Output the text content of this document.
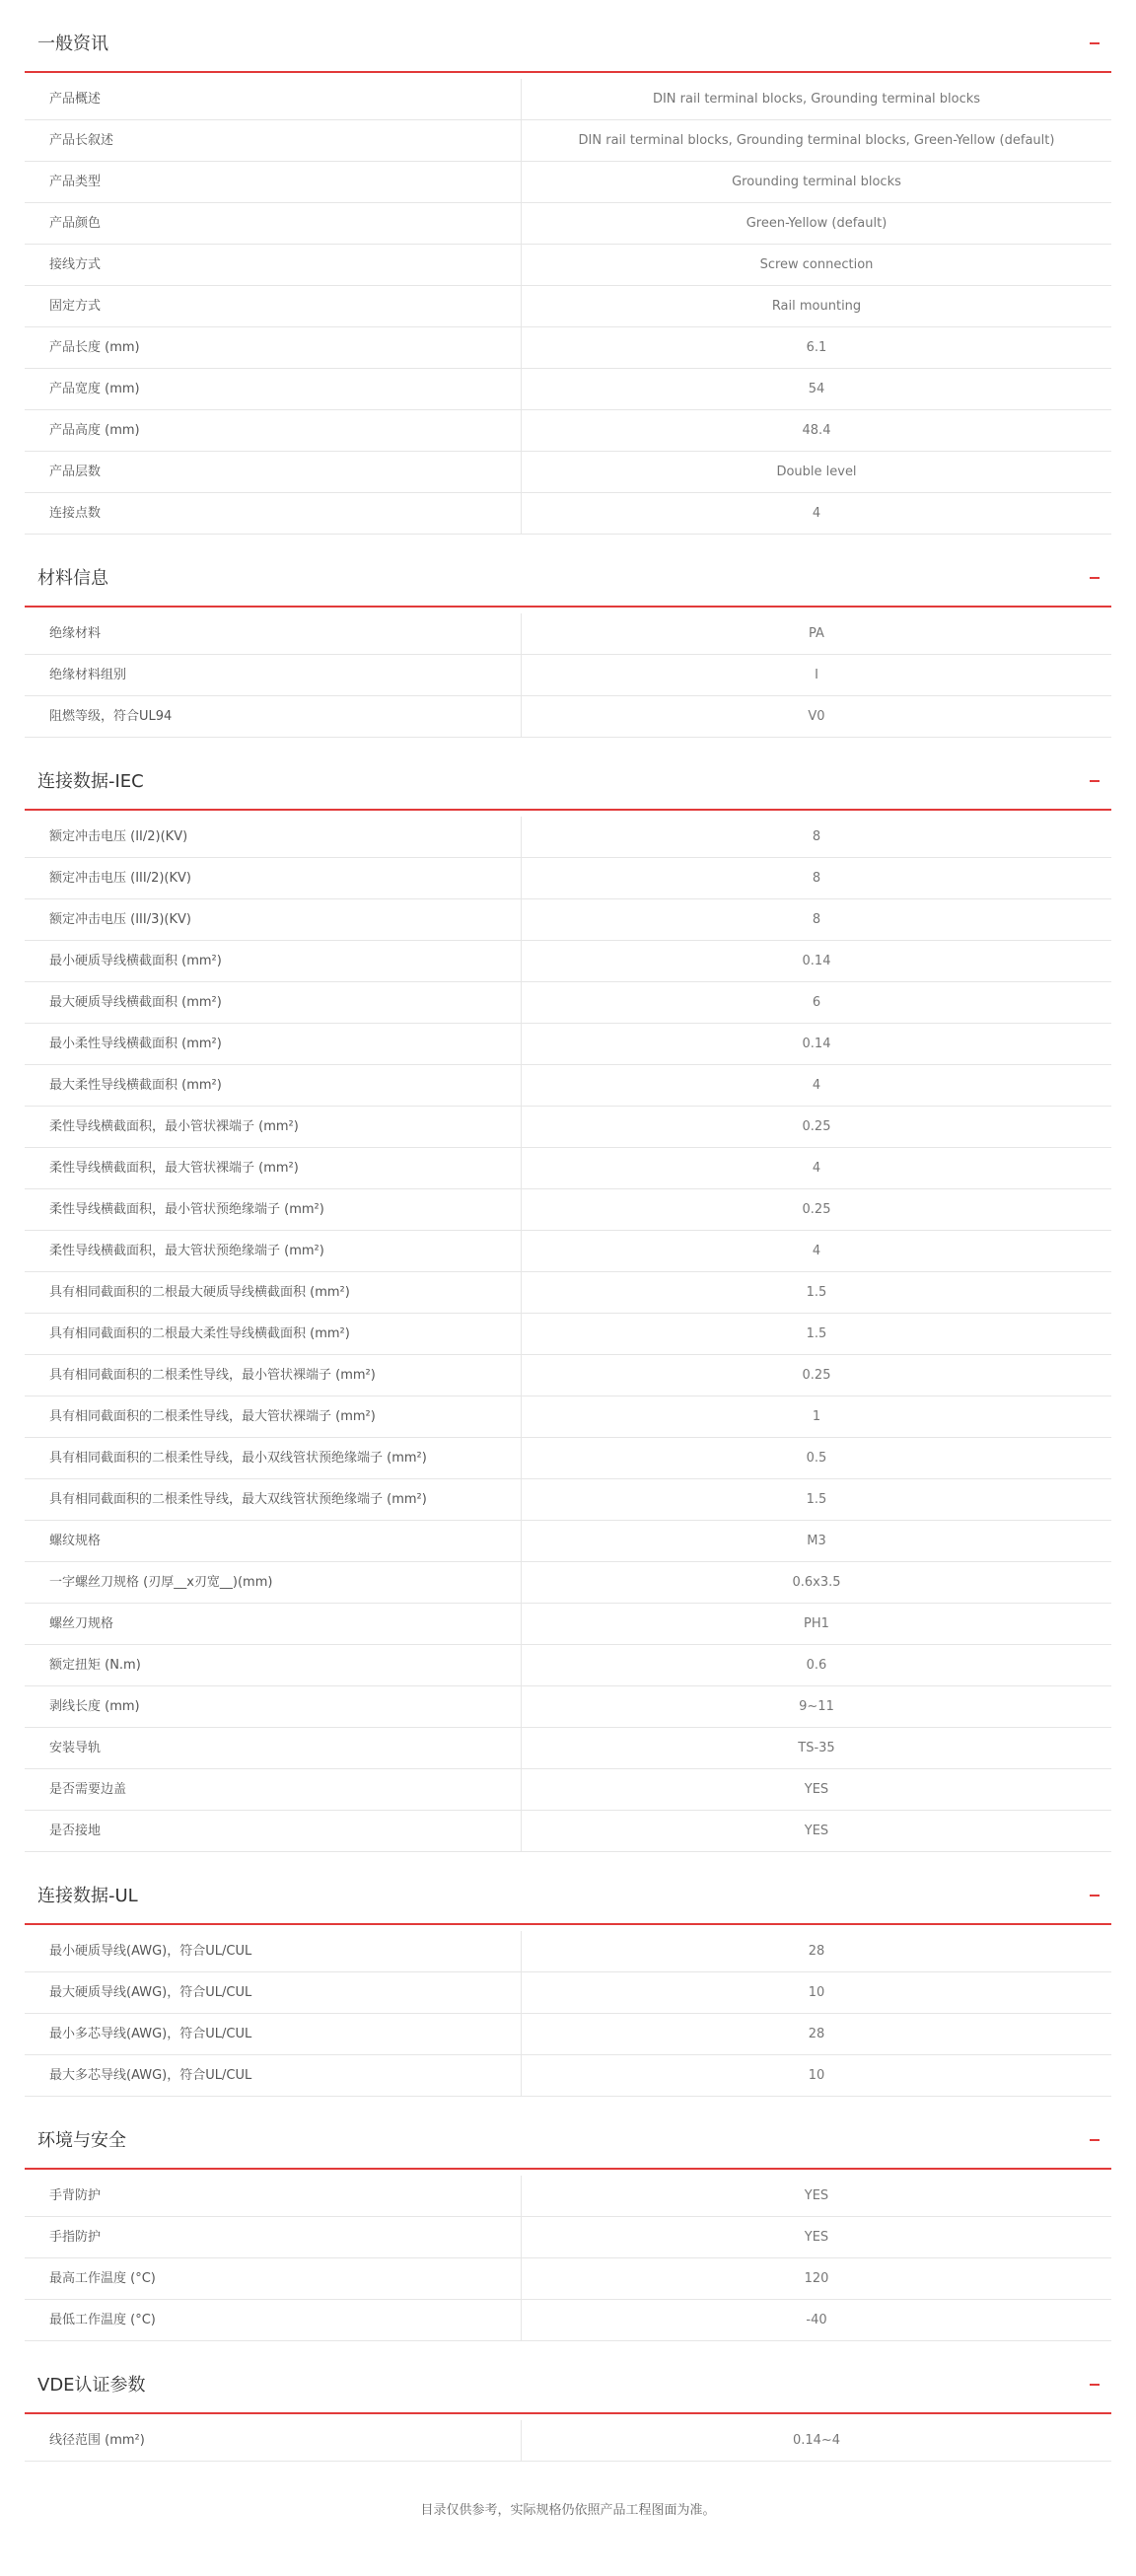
一般资讯
产品概述	DIN rail terminal blocks, Grounding terminal blocks
产品长叙述	DIN rail terminal blocks, Grounding terminal blocks, Green-Yellow (default)
产品类型	Grounding terminal blocks
产品颜色	Green-Yellow (default)
接线方式	Screw connection
固定方式	Rail mounting
产品长度 (mm)	6.1
产品宽度 (mm)	54
产品高度 (mm)	48.4
产品层数	Double level
连接点数	4
材料信息
绝缘材料	PA
绝缘材料组别	I
阻燃等级，符合UL94	V0
连接数据-IEC
额定冲击电压 (II/2)(KV)	8
额定冲击电压 (III/2)(KV)	8
额定冲击电压 (III/3)(KV)	8
最小硬质导线横截面积 (mm²)	0.14
最大硬质导线横截面积 (mm²)	6
最小柔性导线横截面积 (mm²)	0.14
最大柔性导线横截面积 (mm²)	4
柔性导线横截面积，最小管状裸端子 (mm²)	0.25
柔性导线横截面积，最大管状裸端子 (mm²)	4
柔性导线横截面积，最小管状预绝缘端子 (mm²)	0.25
柔性导线横截面积，最大管状预绝缘端子 (mm²)	4
具有相同截面积的二根最大硬质导线横截面积 (mm²)	1.5
具有相同截面积的二根最大柔性导线横截面积 (mm²)	1.5
具有相同截面积的二根柔性导线，最小管状裸端子 (mm²)	0.25
具有相同截面积的二根柔性导线，最大管状裸端子 (mm²)	1
具有相同截面积的二根柔性导线，最小双线管状预绝缘端子 (mm²)	0.5
具有相同截面积的二根柔性导线，最大双线管状预绝缘端子 (mm²)	1.5
螺纹规格	M3
一字螺丝刀规格 (刃厚__x刃宽__)(mm)	0.6x3.5
螺丝刀规格	PH1
额定扭矩 (N.m)	0.6
剥线长度 (mm)	9~11
安装导轨	TS-35
是否需要边盖	YES
是否接地	YES
连接数据-UL
最小硬质导线(AWG)，符合UL/CUL	28
最大硬质导线(AWG)，符合UL/CUL	10
最小多芯导线(AWG)，符合UL/CUL	28
最大多芯导线(AWG)，符合UL/CUL	10
环境与安全
手背防护	YES
手指防护	YES
最高工作温度 (°C)	120
最低工作温度 (°C)	-40
VDE认证参数
线径范围 (mm²)	0.14~4
目录仅供参考，实际规格仍依照产品工程图面为准。
